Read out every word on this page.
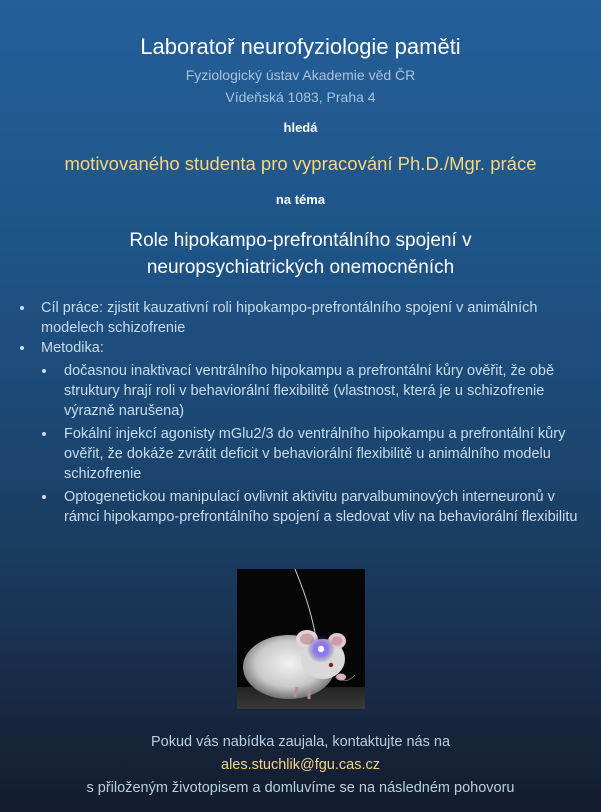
Laboratoř neurofyziologie paměti
Fyziologický ústav Akademie věd ČR
Vídeňská 1083, Praha 4
hledá
motivovaného studenta pro vypracování Ph.D./Mgr. práce
na téma
Role hipokampo-prefrontálního spojení v
neuropsychiatrických onemocněních
Cíl práce: zjistit kauzativní roli hipokampo-prefrontálního spojení v animálních modelech schizofrenie
Metodika:
dočasnou inaktivací ventrálního hipokampu a prefrontální kůry ověřit, že obě struktury hrají roli v behaviorální flexibilitě (vlastnost, která je u schizofrenie výrazně narušena)
Fokální injekcí agonisty mGlu2/3 do ventrálního hipokampu a prefrontální kůry ověřit, že dokáže zvrátit deficit v behaviorální flexibilitě u animálního modelu schizofrenie
Optogenetickou manipulací ovlivnit aktivitu parvalbuminových interneuronů v rámci hipokampo-prefrontálního spojení a sledovat vliv na behaviorální flexibilitu
Pokud vás nabídka zaujala, kontaktujte nás na
ales.stuchlik@fgu.cas.cz
s přiloženým životopisem a domluvíme se na následném pohovoru
